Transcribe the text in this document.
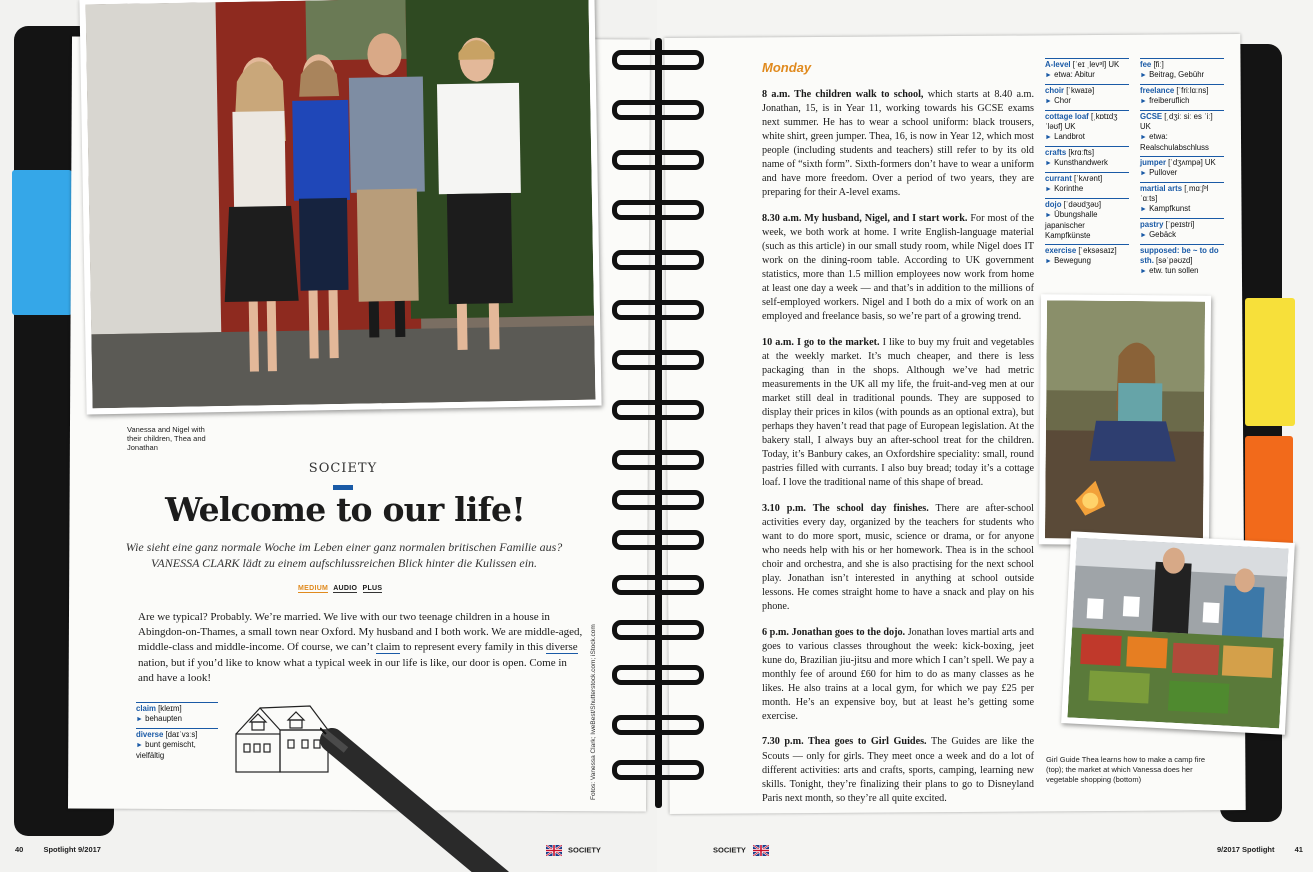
Vanessa and Nigel with their children, Thea and Jonathan
SOCIETY
Welcome to our life!
Wie sieht eine ganz normale Woche im Leben einer ganz normalen britischen Familie aus? VANESSA CLARK lädt zu einem aufschlussreichen Blick hinter die Kulissen ein.
MEDIUM AUDIO PLUS
Are we typical? Probably. We’re married. We live with our two teenage children in a house in Abingdon-on-Thames, a small town near Oxford. My husband and I both work. We are middle-aged, middle-class and middle-income. Of course, we can’t claim to represent every family in this diverse nation, but if you’d like to know what a typical week in our life is like, our door is open. Come in and have a look!
claim [kleɪm]
► behaupten
diverse [daɪˈvɜːs]
► bunt gemischt, vielfältig	Fotos: Vanessa Clark; IweBest/Shutterstock.com; iStock.com
Monday

8 a.m. The children walk to school, which starts at 8.40 a.m. Jonathan, 15, is in Year 11, working towards his GCSE exams next summer. He has to wear a school uniform: black trousers, white shirt, green jumper. Thea, 16, is now in Year 12, which most people (including students and teachers) still refer to by its old name of “sixth form”. Sixth-formers don’t have to wear a uniform and have more freedom. Over a period of two years, they are preparing for their A-level exams.

8.30 a.m. My husband, Nigel, and I start work. For most of the week, we both work at home. I write English-language material (such as this article) in our small study room, while Nigel does IT work on the dining-room table. According to UK government statistics, more than 1.5 million employees now work from home at least one day a week — and that’s in addition to the millions of self-employed workers. Nigel and I both do a mix of work on an employed and freelance basis, so we’re part of a growing trend.

10 a.m. I go to the market. I like to buy my fruit and vegetables at the weekly market. It’s much cheaper, and there is less packaging than in the shops. Although we’ve had metric measurements in the UK all my life, the fruit-and-veg men at our market still deal in traditional pounds. They are supposed to display their prices in kilos (with pounds as an optional extra), but perhaps they haven’t read that page of European legislation. At the bakery stall, I always buy an after-school treat for the children. Today, it’s Banbury cakes, an Oxfordshire speciality: small, round pastries filled with currants. I also buy bread; today it’s a cottage loaf. I love the traditional name of this shape of bread.

3.10 p.m. The school day finishes. There are after-school activities every day, organized by the teachers for students who want to do more sport, music, science or drama, or for anyone who needs help with his or her homework. Thea is in the school choir and orchestra, and she is also practising for the next school play. Jonathan isn’t interested in anything at school outside lessons. He comes straight home to have a snack and play on his phone.

6 p.m. Jonathan goes to the dojo. Jonathan loves martial arts and goes to various classes throughout the week: kick-boxing, jeet kune do, Brazilian jiu-jitsu and more which I can’t spell. We pay a monthly fee of around £60 for him to do as many classes as he likes. He also trains at a local gym, for which we pay £25 per month. He’s an expensive boy, but at least he’s getting some exercise.

7.30 p.m. Thea goes to Girl Guides. The Guides are like the Scouts — only for girls. They meet once a week and do a lot of different activities: arts and crafts, sports, camping, learning new skills. Tonight, they’re finalizing their plans to go to Disneyland Paris next month, so they’re all quite excited.

A-level [ˈeɪ ˌlevᵊl] UK
► etwa: Abitur
choir [ˈkwaɪə]
► Chor
cottage loaf [ˌkɒtɪdʒ ˈləʊf] UK
► Landbrot
crafts [krɑːfts]
► Kunsthandwerk
currant [ˈkʌrənt]
► Korinthe
dojo [ˈdəʊdʒəʊ]
► Übungshalle japanischer Kampfkünste
exercise [ˈeksəsaɪz]
► Bewegung
fee [fiː]
► Beitrag, Gebühr
freelance [ˈfriːlɑːns]
► freiberuflich
GCSE [ˌdʒiː siː es ˈiː] UK
► etwa: Realschulabschluss
jumper [ˈdʒʌmpə] UK
► Pullover
martial arts [ˌmɑːʃᵊl ˈɑːts]
► Kampfkunst
pastry [ˈpeɪstri]
► Gebäck
supposed: be ~ to do sth. [səˈpəʊzd]
► etw. tun sollen
Girl Guide Thea learns how to make a camp fire (top); the market at which Vanessa does her vegetable shopping (bottom)
40	Spotlight 9/2017	SOCIETY	SOCIETY	9/2017 Spotlight	41
